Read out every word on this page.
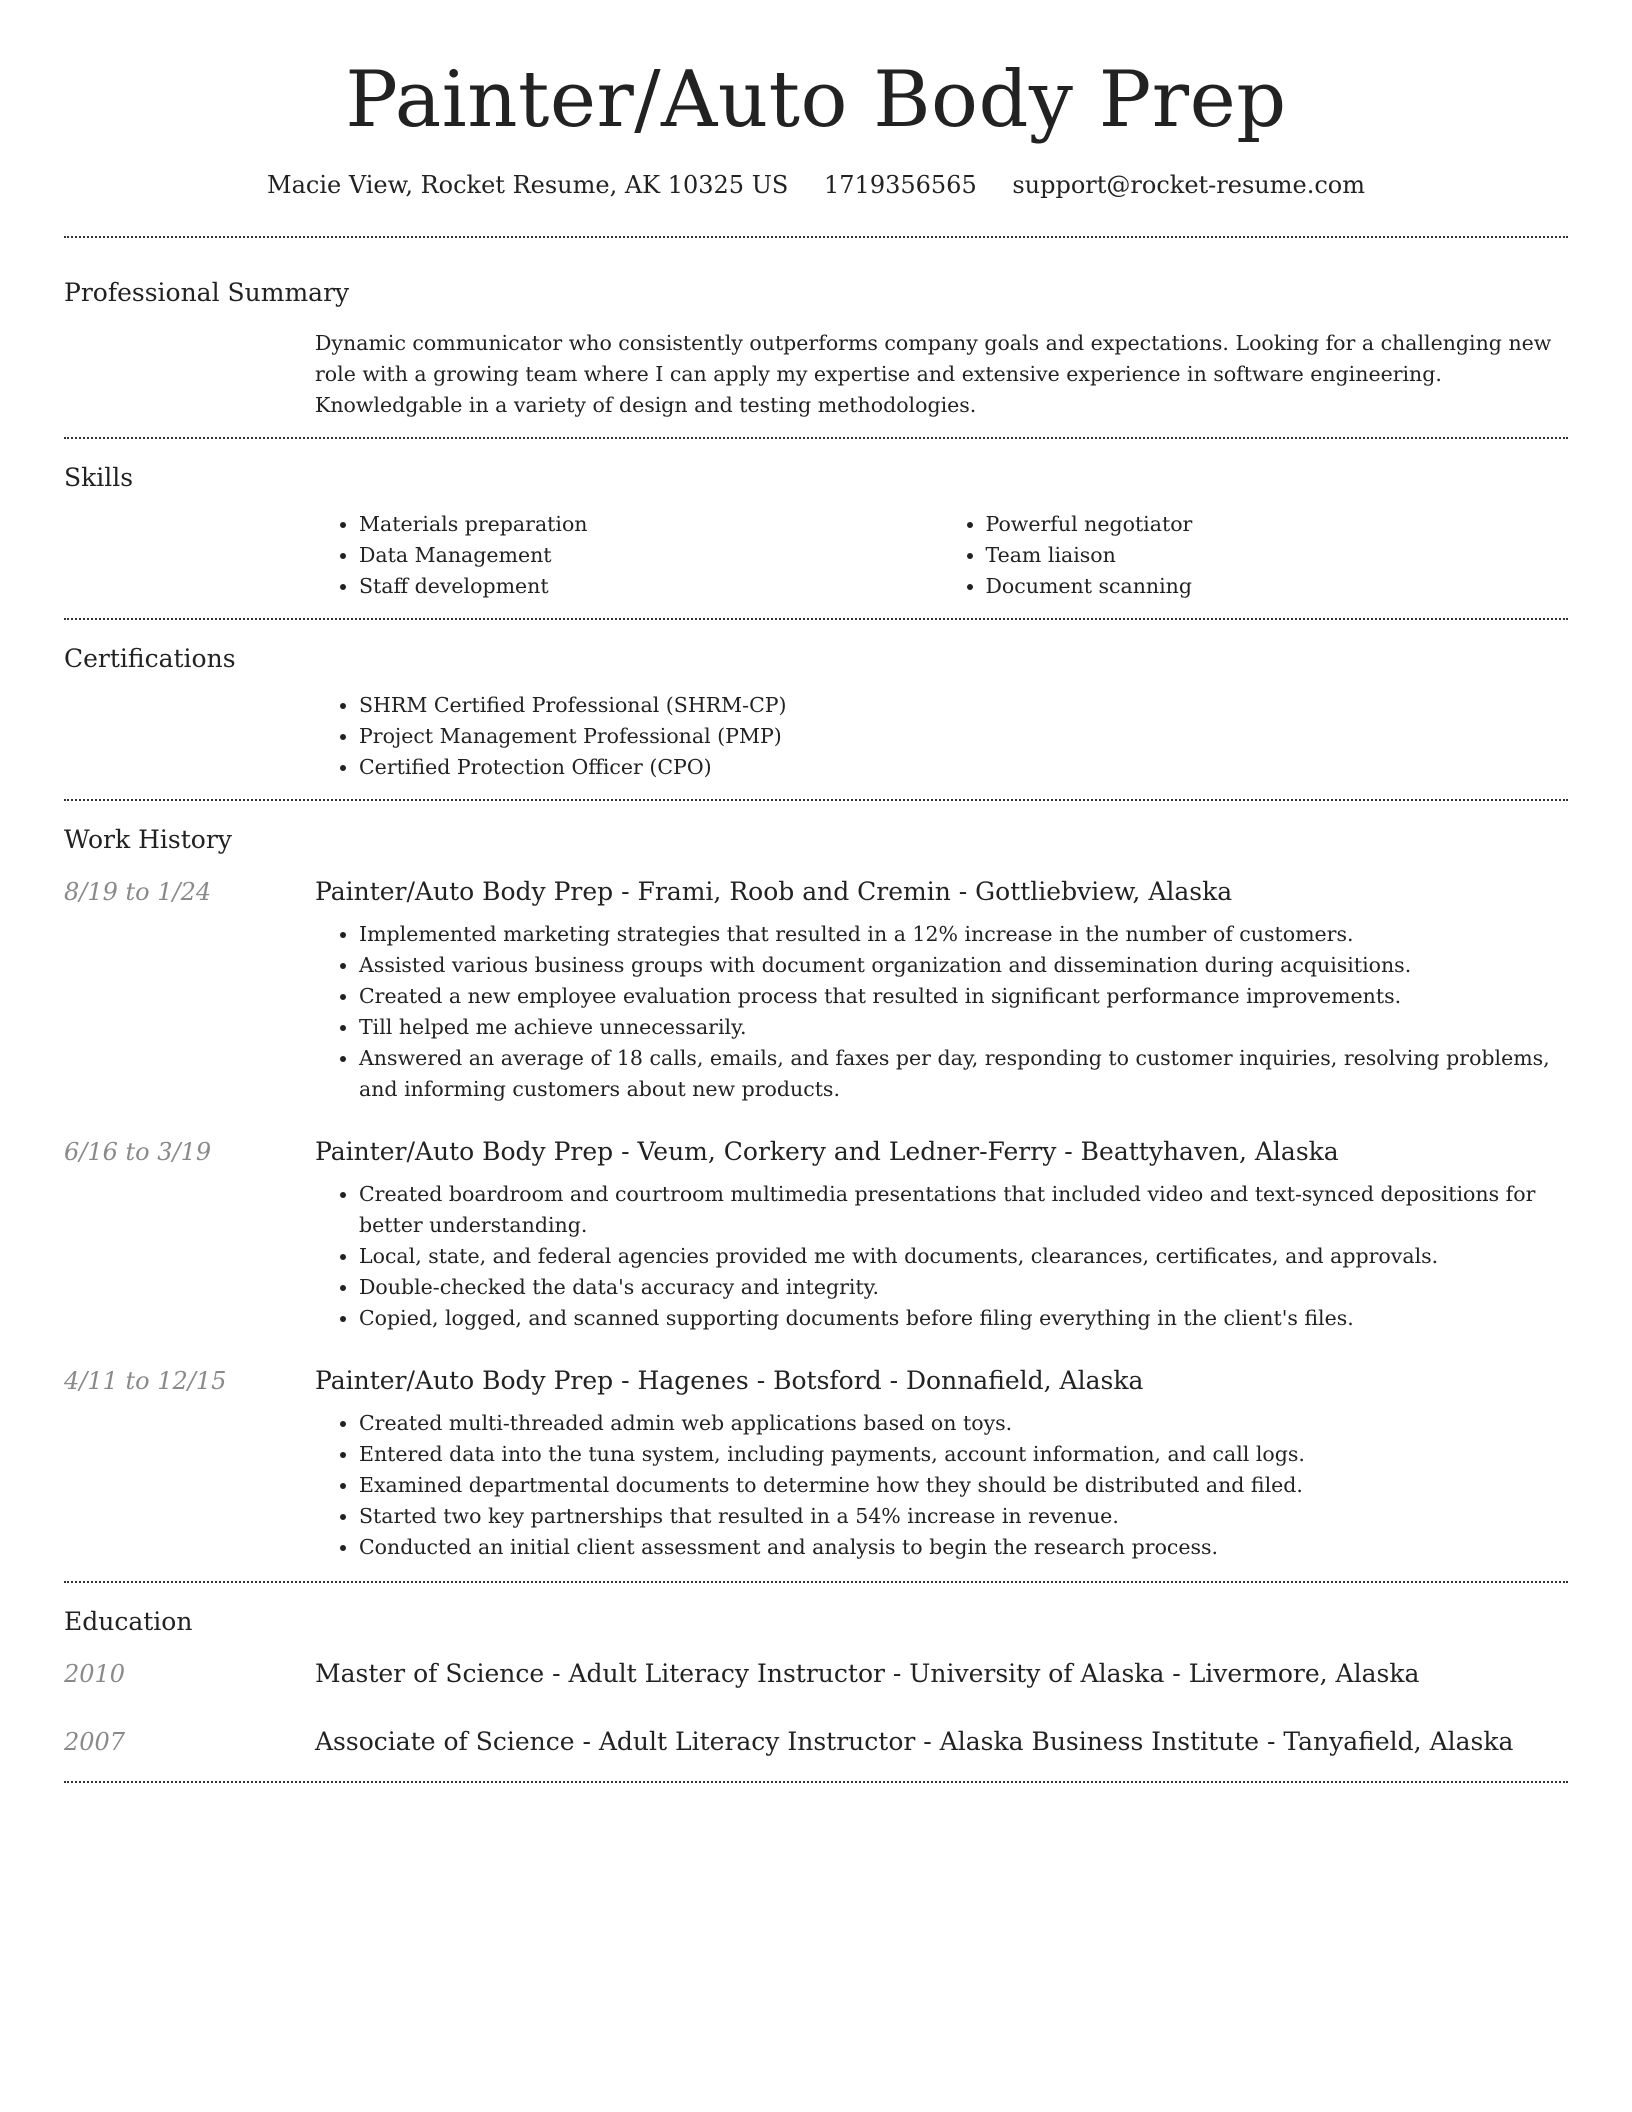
Painter/Auto Body Prep
Macie View, Rocket Resume, AK 10325 US 1719356565 support@rocket-resume.com
Professional Summary

Dynamic communicator who consistently outperforms company goals and expectations. Looking for a challenging new role with a growing team where I can apply my expertise and extensive experience in software engineering. Knowledgable in a variety of design and testing methodologies.

Skills
• Materials preparation
• Data Management
• Staff development
• Powerful negotiator
• Team liaison
• Document scanning
Certifications
• SHRM Certified Professional (SHRM-CP)
• Project Management Professional (PMP)
• Certified Protection Officer (CPO)
Work History
8/19 to 1/24	Painter/Auto Body Prep - Frami, Roob and Cremin - Gottliebview, Alaska
• Implemented marketing strategies that resulted in a 12% increase in the number of customers.
• Assisted various business groups with document organization and dissemination during acquisitions.
• Created a new employee evaluation process that resulted in significant performance improvements.
• Till helped me achieve unnecessarily.
• Answered an average of 18 calls, emails, and faxes per day, responding to customer inquiries, resolving problems, and informing customers about new products.
6/16 to 3/19	Painter/Auto Body Prep - Veum, Corkery and Ledner-Ferry - Beattyhaven, Alaska
• Created boardroom and courtroom multimedia presentations that included video and text-synced depositions for better understanding.
• Local, state, and federal agencies provided me with documents, clearances, certificates, and approvals.
• Double-checked the data's accuracy and integrity.
• Copied, logged, and scanned supporting documents before filing everything in the client's files.
4/11 to 12/15	Painter/Auto Body Prep - Hagenes - Botsford - Donnafield, Alaska
• Created multi-threaded admin web applications based on toys.
• Entered data into the tuna system, including payments, account information, and call logs.
• Examined departmental documents to determine how they should be distributed and filed.
• Started two key partnerships that resulted in a 54% increase in revenue.
• Conducted an initial client assessment and analysis to begin the research process.
Education
2010	Master of Science - Adult Literacy Instructor - University of Alaska - Livermore, Alaska
2007	Associate of Science - Adult Literacy Instructor - Alaska Business Institute - Tanyafield, Alaska
